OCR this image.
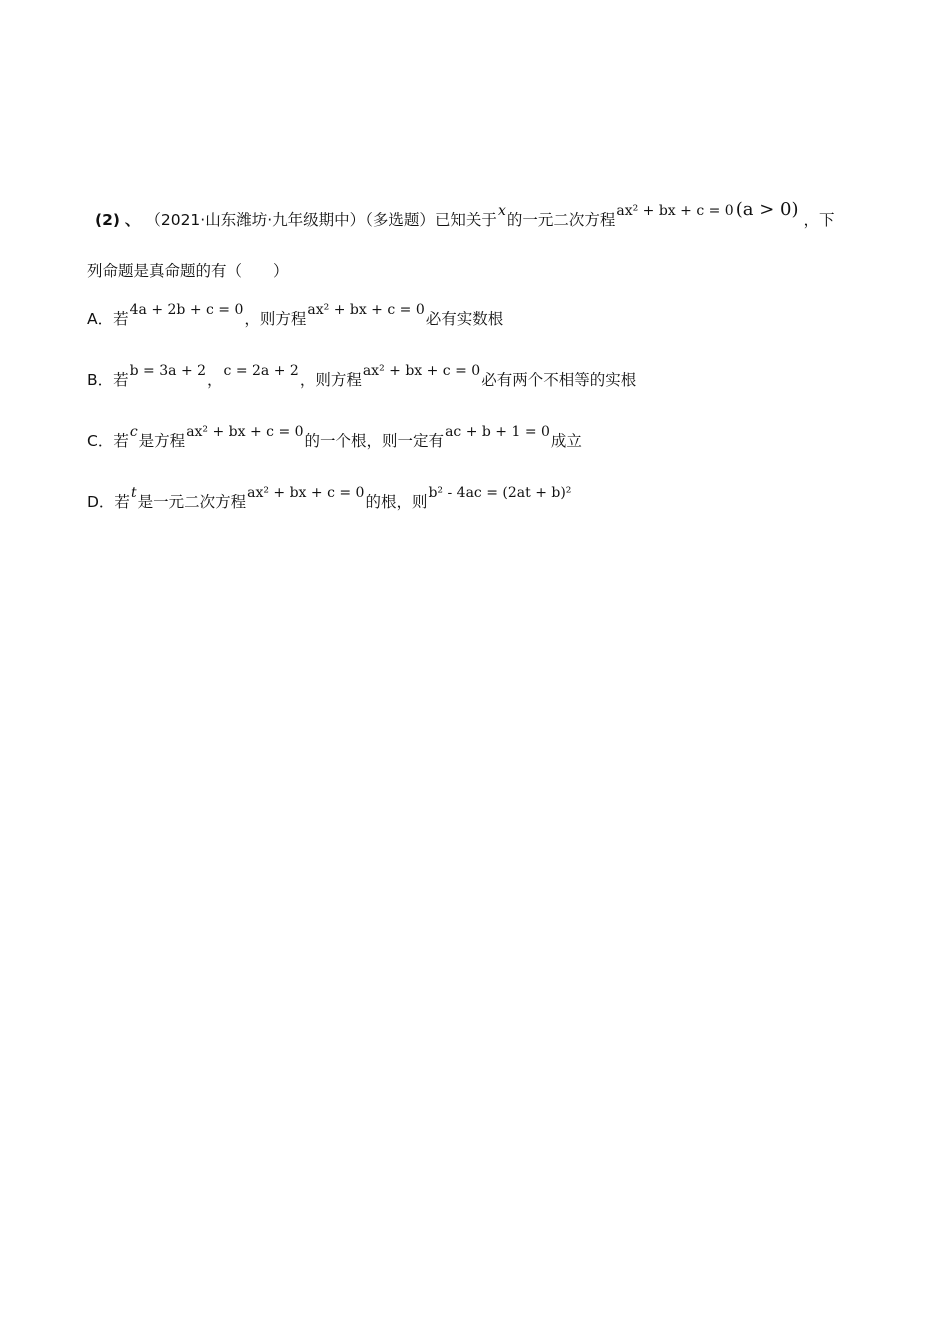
(2) 、 （2021·山东潍坊·九年级期中）（多选题）已知关于x的一元二次方程ax² + bx + c = 0 (a > 0) ，下
列命题是真命题的有（　　）
A．若4a + 2b + c = 0，则方程ax² + bx + c = 0必有实数根
B．若b = 3a + 2，c = 2a + 2，则方程ax² + bx + c = 0必有两个不相等的实根
C．若c是方程ax² + bx + c = 0的一个根，则一定有ac + b + 1 = 0成立
D．若t是一元二次方程ax² + bx + c = 0的根，则b² - 4ac = (2at + b)²
